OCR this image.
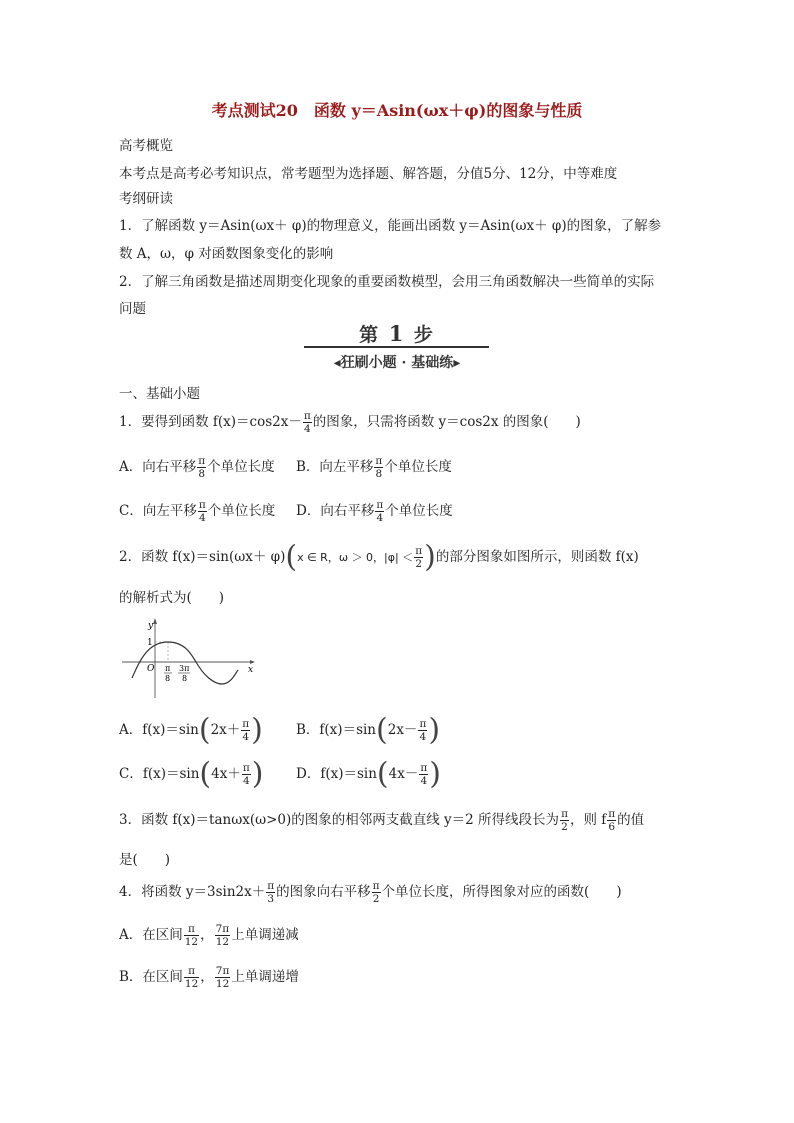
考点测试20　函数 y＝Asin(ωx＋φ)的图象与性质
高考概览
本考点是高考必考知识点，常考题型为选择题、解答题，分值5分、12分，中等难度
考纲研读
1．了解函数 y＝Asin(ωx＋ φ)的物理意义，能画出函数 y＝Asin(ωx＋ φ)的图象，了解参
数 A，ω，φ 对函数图象变化的影响
2．了解三角函数是描述周期变化现象的重要函数模型，会用三角函数解决一些简单的实际
问题
第 1 步
◂狂刷小题 · 基础练▸
一、基础小题
1．要得到函数 $f(x)=\cos 2x- \frac{\pi}{4}$ 的图象，只需将函数 y＝cos2x 的图象(　　)
A．向右平移 $\frac{\pi}{8}$ 个单位长度 B．向左平移 $\frac{\pi}{8}$ 个单位长度
C．向左平移 $\frac{\pi}{4}$ 个单位长度 D．向右平移 $\frac{\pi}{4}$ 个单位长度
2．函数 f(x)＝sin(ωx＋ φ)(x ∈ R，ω ＞ 0，$|\varphi| < \frac{\pi}{2}$ )的部分图象如图所示，则函数 f(x)
的解析式为(　　)
y
x
O
1
π
8
3π
8
A．$f(x)=\sin(2x+ \frac{\pi}{4}$ ) B．$f(x)=\sin(2x- \frac{\pi}{4}$ )
C．$f(x)=\sin(4x+ \frac{\pi}{4}$ ) D．$f(x)=\sin(4x- \frac{\pi}{4}$ )
3．函数 f(x)＝tanωx(ω>0)的图象的相邻两支截直线 y＝2 所得线段长为 $\frac{\pi}{2}$ ，则 f $\frac{\pi}{6}$ 的值
是(　　)
4．将函数 $y=3\sin 2x+ \frac{\pi}{3}$ 的图象向右平移 $\frac{\pi}{2}$ 个单位长度，所得图象对应的函数(　　)
A．在区间 $\frac{\pi}{12}$ ， $\frac{7\pi}{12}$ 上单调递减
B．在区间 $\frac{\pi}{12}$ ， $\frac{7\pi}{12}$ 上单调递增
